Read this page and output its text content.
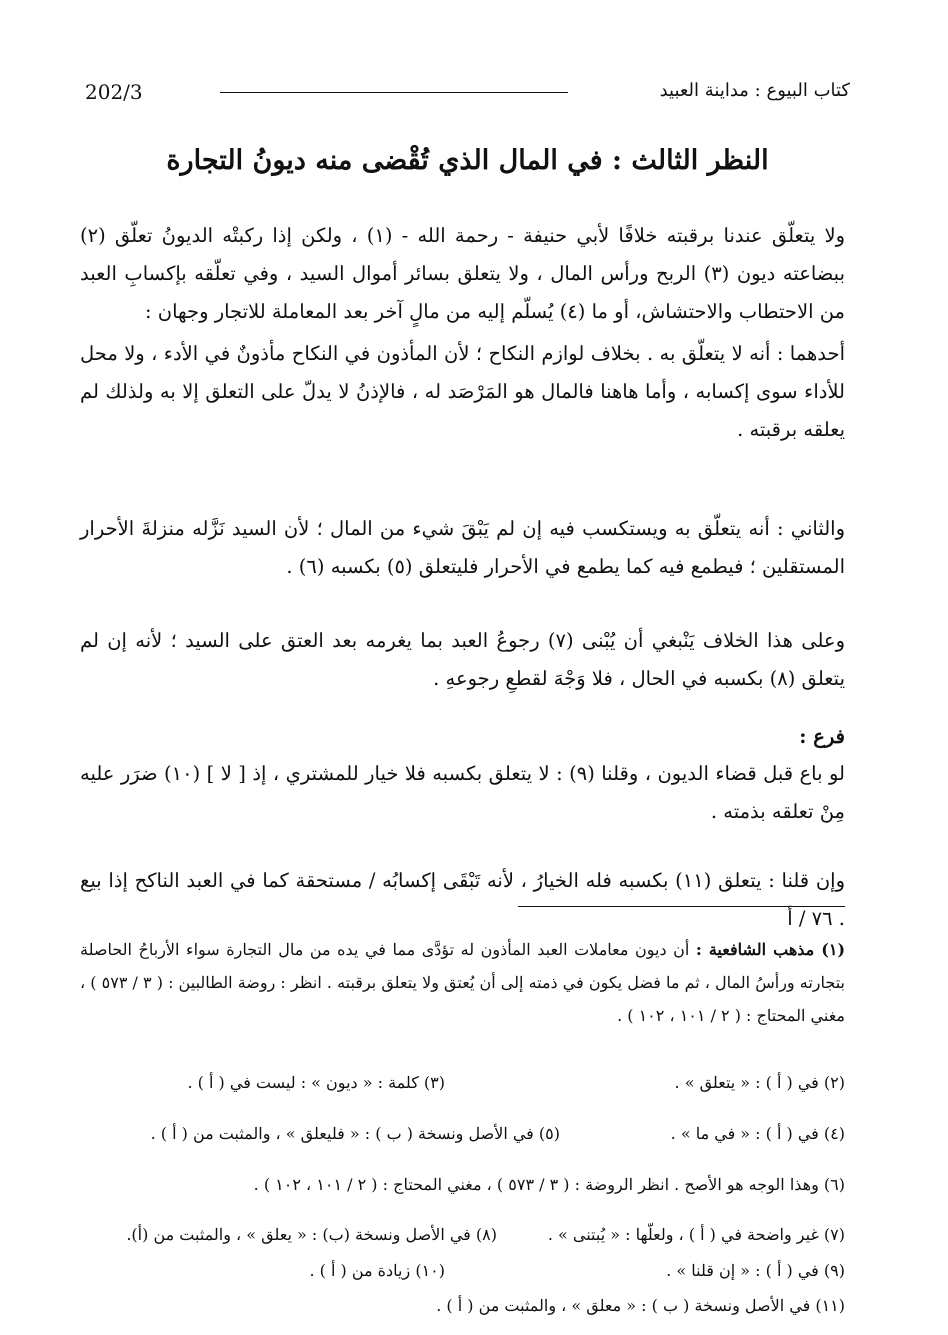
202/3	كتاب البيوع : مداينة العبيد
النظر الثالث : في المال الذي تُقْضى منه ديونُ التجارة

ولا يتعلّق عندنا برقبته خلافًا لأبي حنيفة - رحمة الله - (١) ، ولكن إذا ركبتْه الديونُ تعلّق (٢) ببضاعته ديون (٣) الربح ورأس المال ، ولا يتعلق بسائر أموال السيد ، وفي تعلّقه بإكسابِ العبد من الاحتطاب والاحتشاش، أو ما (٤) يُسلّم إليه من مالٍ آخر بعد المعاملة للاتجار وجهان :

أحدهما : أنه لا يتعلّق به . بخلاف لوازم النكاح ؛ لأن المأذون في النكاح مأذونٌ في الأدء ، ولا محل للأداء سوى إكسابه ، وأما هاهنا فالمال هو المَرْصَد له ، فالإذنُ لا يدلّ على التعلق إلا به ولذلك لم يعلقه برقبته .

والثاني : أنه يتعلّق به ويستكسب فيه إن لم يَبْقَ شيء من المال ؛ لأن السيد نَزَّله منزلةَ الأحرار المستقلين ؛ فيطمع فيه كما يطمع في الأحرار فليتعلق (٥) بكسبه (٦) .

وعلى هذا الخلاف يَنْبغي أن يُبْنى (٧) رجوعُ العبد بما يغرمه بعد العتق على السيد ؛ لأنه إن لم يتعلق (٨) بكسبه في الحال ، فلا وَجْهَ لقطعِ رجوعهِ .

فرع :

لو باع قبل قضاء الديون ، وقلنا (٩) : لا يتعلق بكسبه فلا خيار للمشتري ، إذ [ لا ] (١٠) ضرَر عليه مِنْ تعلقه بذمته .

وإن قلنا : يتعلق (١١) بكسبه فله الخيارُ ، لأنه تَبْقَى إكسابُه / مستحقة كما في العبد الناكح إذا بيع . ٧٦ / أ

(١) مذهب الشافعية : أن ديون معاملات العبد المأذون له تؤدَّى مما في يده من مال التجارة سواء الأرباحُ الحاصلة بتجارته ورأسُ المال ، ثم ما فضل يكون في ذمته إلى أن يُعتق ولا يتعلق برقبته . انظر : روضة الطالبين : ( ٣ / ٥٧٣ ) ، مغني المحتاج : ( ٢ / ١٠١ ، ١٠٢ ) .

(٢) في ( أ ) : « يتعلق » .
(٣) كلمة : « ديون » : ليست في ( أ ) .
(٤) في ( أ ) : « في ما » .
(٥) في الأصل ونسخة ( ب ) : « فليعلق » ، والمثبت من ( أ ) .
(٦) وهذا الوجه هو الأصح . انظر الروضة : ( ٣ / ٥٧٣ ) ، مغني المحتاج : ( ٢ / ١٠١ ، ١٠٢ ) .
(٧) غير واضحة في ( أ ) ، ولعلّها : « يُبتنى » .
(٨) في الأصل ونسخة (ب) : « يعلق » ، والمثبت من (أ).
(٩) في ( أ ) : « إن قلنا » .
(١٠) زيادة من ( أ ) .
(١١) في الأصل ونسخة ( ب ) : « معلق » ، والمثبت من ( أ ) .
